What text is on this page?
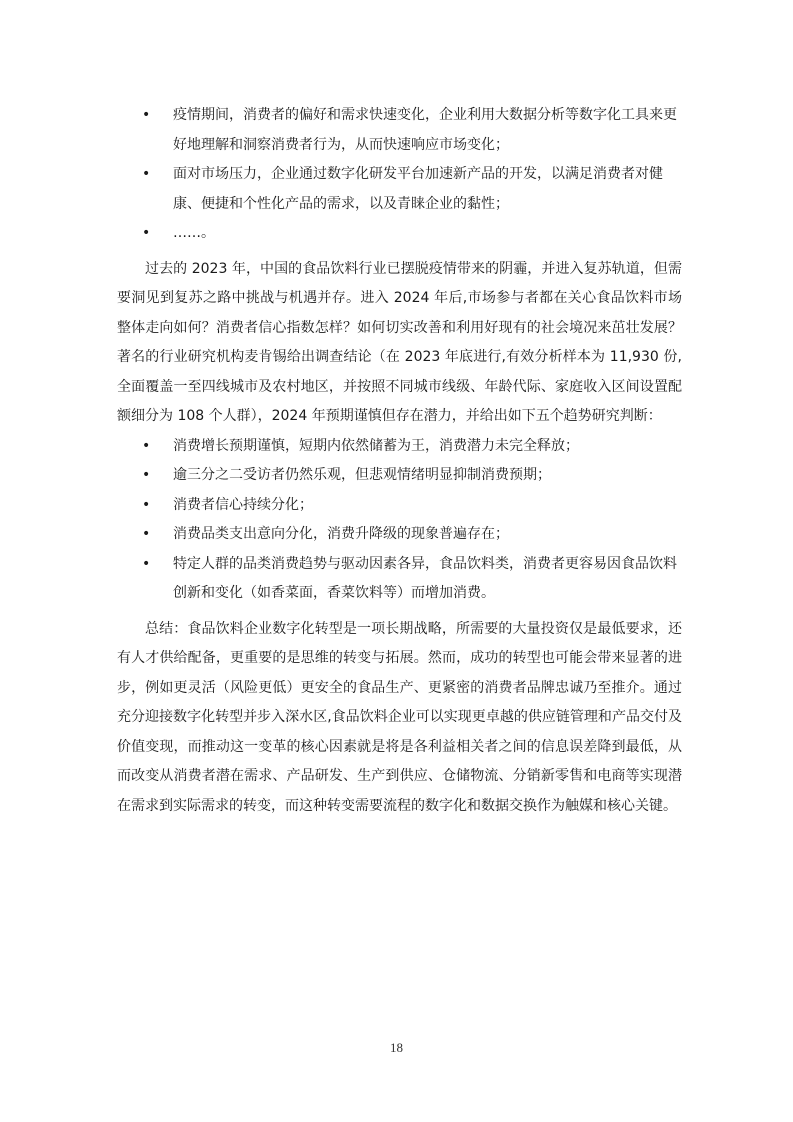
• 疫情期间，消费者的偏好和需求快速变化，企业利用大数据分析等数字化工具来更好地理解和洞察消费者行为，从而快速响应市场变化；
• 面对市场压力，企业通过数字化研发平台加速新产品的开发，以满足消费者对健康、便捷和个性化产品的需求，以及青睐企业的黏性；
• ……。

过去的 2023 年，中国的食品饮料行业已摆脱疫情带来的阴霾，并进入复苏轨道，但需要洞见到复苏之路中挑战与机遇并存。进入 2024 年后,市场参与者都在关心食品饮料市场整体走向如何？消费者信心指数怎样？如何切实改善和利用好现有的社会境况来茁壮发展？著名的行业研究机构麦肯锡给出调查结论（在 2023 年底进行,有效分析样本为 11,930 份,全面覆盖一至四线城市及农村地区，并按照不同城市线级、年龄代际、家庭收入区间设置配额细分为 108 个人群），2024 年预期谨慎但存在潜力，并给出如下五个趋势研究判断：

• 消费增长预期谨慎，短期内依然储蓄为王，消费潜力未完全释放；
• 逾三分之二受访者仍然乐观，但悲观情绪明显抑制消费预期；
• 消费者信心持续分化；
• 消费品类支出意向分化，消费升降级的现象普遍存在；
• 特定人群的品类消费趋势与驱动因素各异，食品饮料类，消费者更容易因食品饮料创新和变化（如香菜面，香菜饮料等）而增加消费。

总结：食品饮料企业数字化转型是一项长期战略，所需要的大量投资仅是最低要求，还有人才供给配备，更重要的是思维的转变与拓展。然而，成功的转型也可能会带来显著的进步，例如更灵活（风险更低）更安全的食品生产、更紧密的消费者品牌忠诚乃至推介。通过充分迎接数字化转型并步入深水区,食品饮料企业可以实现更卓越的供应链管理和产品交付及价值变现，而推动这一变革的核心因素就是将是各利益相关者之间的信息误差降到最低，从而改变从消费者潜在需求、产品研发、生产到供应、仓储物流、分销新零售和电商等实现潜在需求到实际需求的转变，而这种转变需要流程的数字化和数据交换作为触媒和核心关键。

18
